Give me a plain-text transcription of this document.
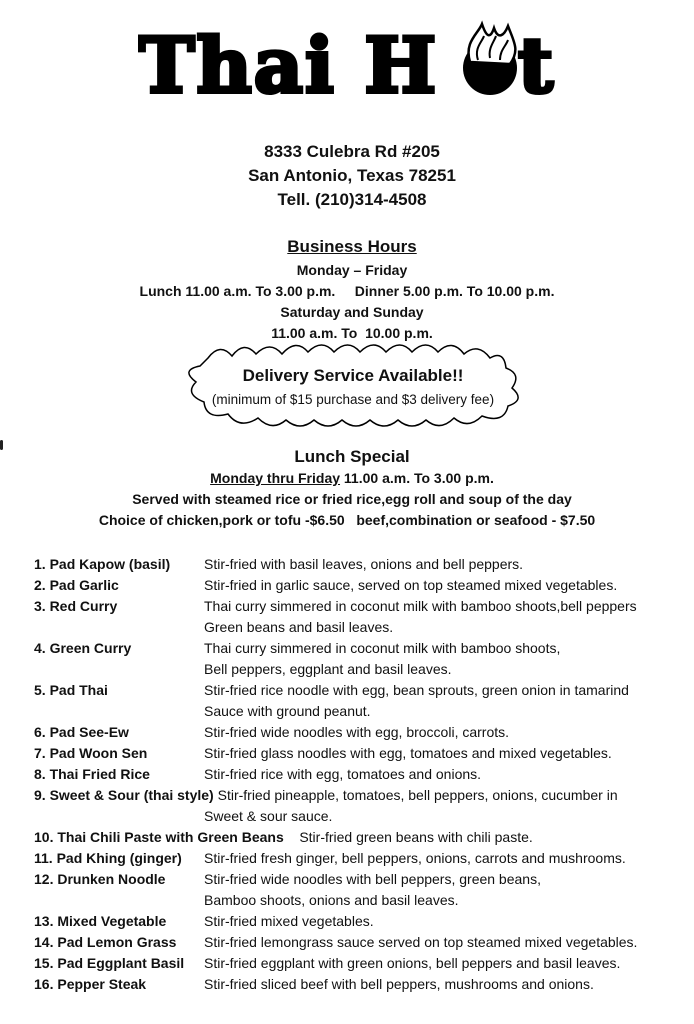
Thai H t
8333 Culebra Rd #205
San Antonio, Texas 78251
Tell. (210)314-4508
Business Hours
Monday – Friday
Lunch 11.00 a.m. To 3.00 p.m.     Dinner 5.00 p.m. To 10.00 p.m.
Saturday and Sunday
11.00 a.m. To  10.00 p.m.
Delivery Service Available!!
(minimum of $15 purchase and $3 delivery fee)
Lunch Special
Monday thru Friday 11.00 a.m. To 3.00 p.m.
Served with steamed rice or fried rice,egg roll and soup of the day
Choice of chicken,pork or tofu -$6.50   beef,combination or seafood - $7.50
1. Pad Kapow (basil) Stir-fried with basil leaves, onions and bell peppers.
2. Pad Garlic	Stir-fried in garlic sauce, served on top steamed mixed vegetables.
3. Red Curry	Thai curry simmered in coconut milk with bamboo shoots,bell peppers
Green beans and basil leaves.
4. Green Curry	Thai curry simmered in coconut milk with bamboo shoots,
Bell peppers, eggplant and basil leaves.
5. Pad Thai	Stir-fried rice noodle with egg, bean sprouts, green onion in tamarind
Sauce with ground peanut.
6. Pad See-Ew	Stir-fried wide noodles with egg, broccoli, carrots.
7. Pad Woon Sen	Stir-fried glass noodles with egg, tomatoes and mixed vegetables.
8. Thai Fried Rice	Stir-fried rice with egg, tomatoes and onions.
9. Sweet & Sour (thai style) Stir-fried pineapple, tomatoes, bell peppers, onions, cucumber in
Sweet & sour sauce.
10. Thai Chili Paste with Green Beans Stir-fried green beans with chili paste.
11. Pad Khing (ginger) Stir-fried fresh ginger, bell peppers, onions, carrots and mushrooms.
12. Drunken Noodle	Stir-fried wide noodles with bell peppers, green beans,
Bamboo shoots, onions and basil leaves.
13. Mixed Vegetable	Stir-fried mixed vegetables.
14. Pad Lemon Grass Stir-fried lemongrass sauce served on top steamed mixed vegetables.
15. Pad Eggplant Basil Stir-fried eggplant with green onions, bell peppers and basil leaves.
16. Pepper Steak	Stir-fried sliced beef with bell peppers, mushrooms and onions.
